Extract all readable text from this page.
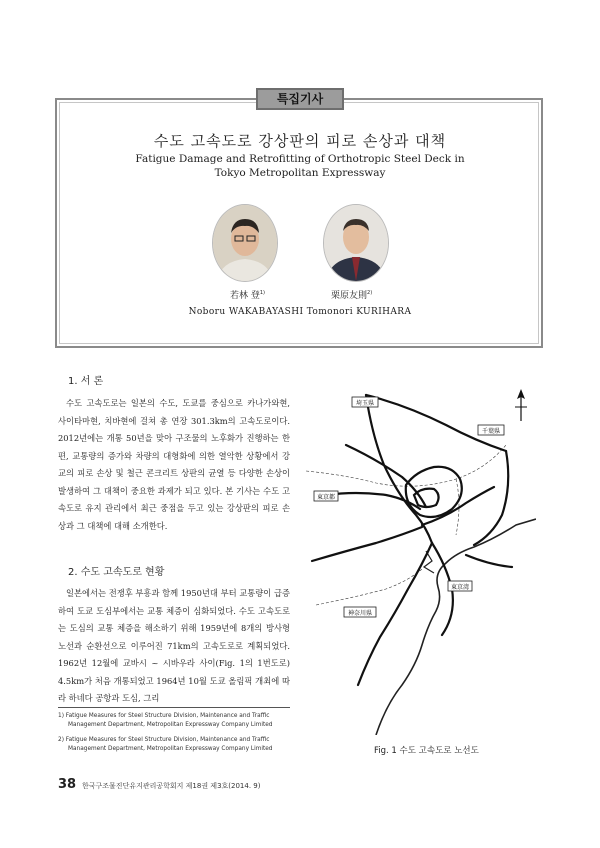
특집기사
수도 고속도로 강상판의 피로 손상과 대책
Fatigue Damage and Retrofitting of Orthotropic Steel Deck in
Tokyo Metropolitan Expressway
若林 登$^{1)}$	栗原友則$^{2)}$
Noboru WAKABAYASHI Tomonori KURIHARA
1. 서 론

수도 고속도로는 일본의 수도, 도쿄를 중심으로 카나가와현, 사이타마현, 치바현에 걸쳐 총 연장 301.3km의 고속도로이다. 2012년에는 개통 50년을 맞아 구조물의 노후화가 진행하는 한편, 교통량의 증가와 차량의 대형화에 의한 열악한 상황에서 강교의 피로 손상 및 철근 콘크리트 상판의 균열 등 다양한 손상이 발생하여 그 대책이 중요한 과제가 되고 있다. 본 기사는 수도 고속도로 유지 관리에서 최근 중점을 두고 있는 강상판의 피로 손상과 그 대책에 대해 소개한다.

2. 수도 고속도로 현황

일본에서는 전쟁후 부흥과 함께 1950년대 부터 교통량이 급증하여 도쿄 도심부에서는 교통 체증이 심화되었다. 수도 고속도로는 도심의 교통 체증을 해소하기 위해 1959년에 8개의 방사형 노선과 순환선으로 이루어진 71km의 고속도로로 계획되었다. 1962년 12월에 교바시 ~ 시바우라 사이(Fig. 1의 1번도로) 4.5km가 처음 개통되었고 1964년 10월 도쿄 올림픽 개최에 따라 하네다 공항과 도심, 그리

埼玉県
東京都
千葉県
神奈川県
東京湾
Fig. 1 수도 고속도로 노선도
1) Fatigue Measures for Steel Structure Division, Maintenance and Traffic
Management Department, Metropolitan Expressway Company Limited
2) Fatigue Measures for Steel Structure Division, Maintenance and Traffic
Management Department, Metropolitan Expressway Company Limited
38 한국구조물진단유지관리공학회지 제18권 제3호(2014. 9)
